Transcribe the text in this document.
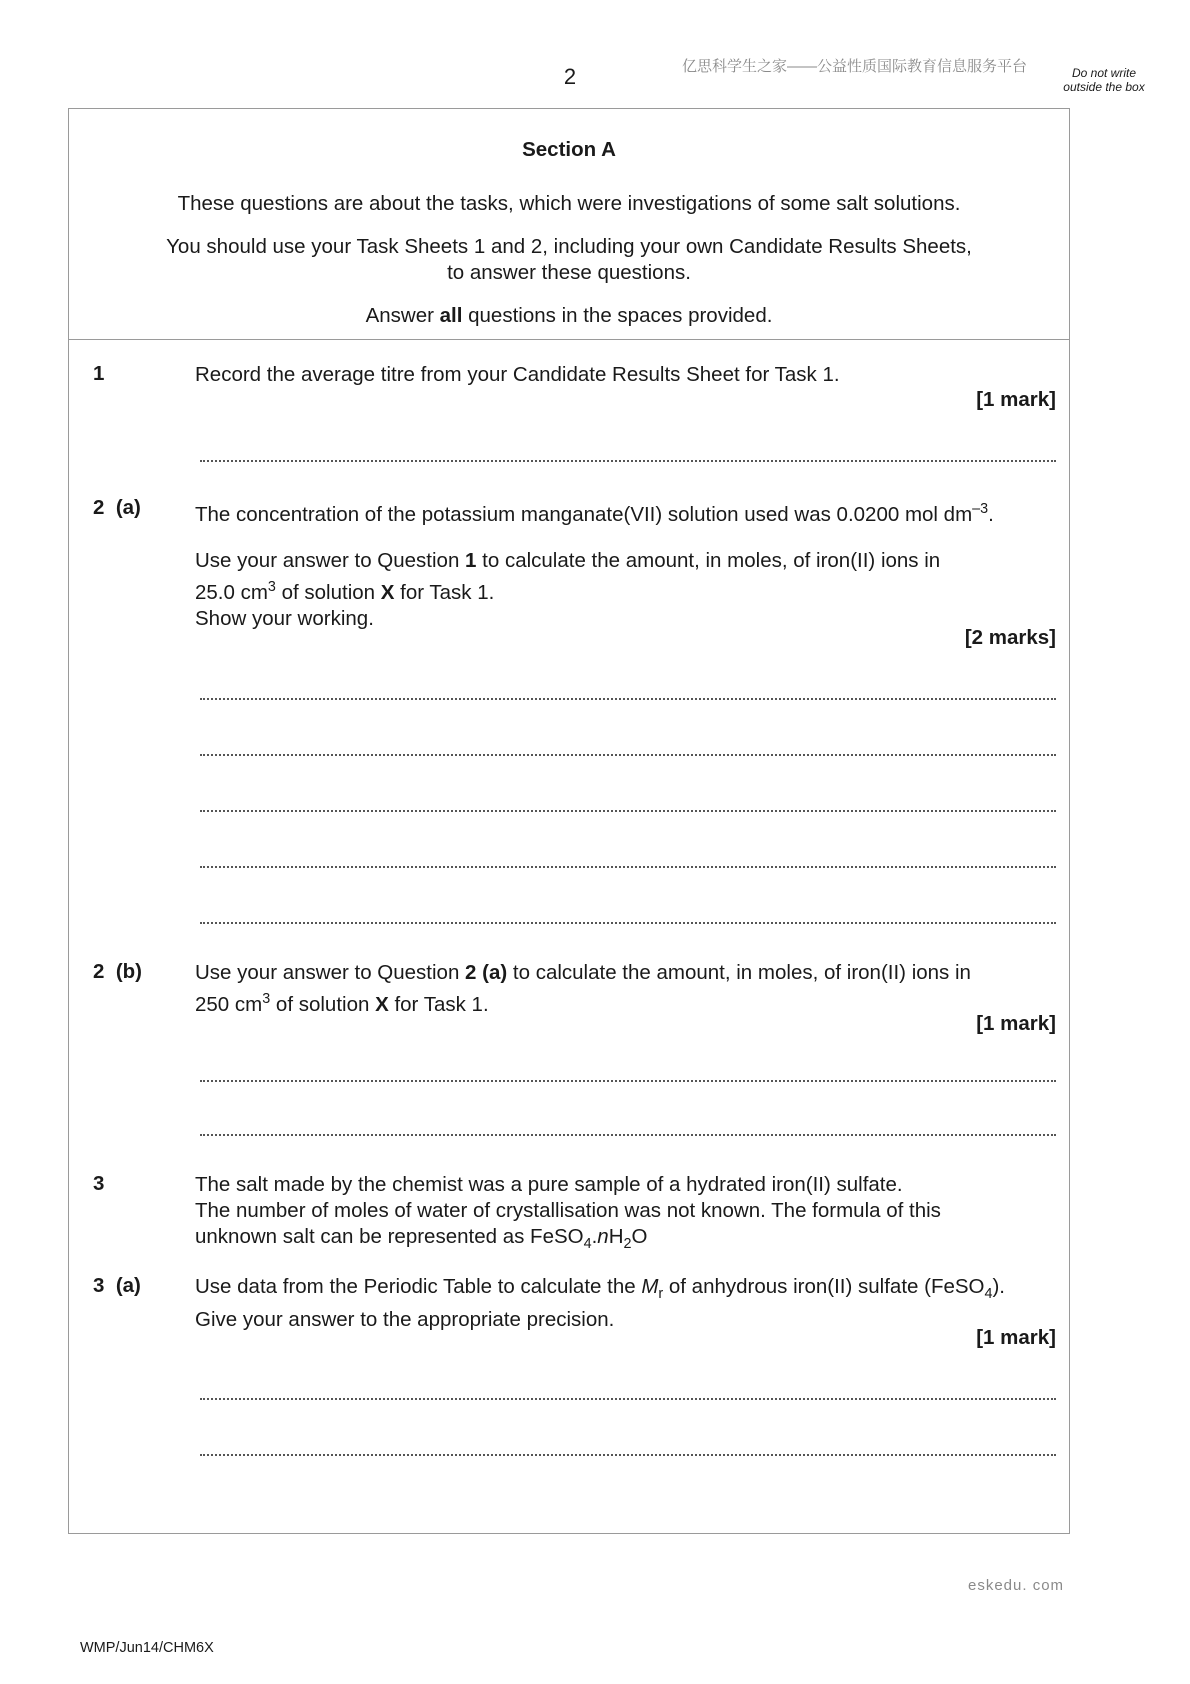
2	亿思科学生之家——公益性质国际教育信息服务平台	Do not write outside the box
Section A
These questions are about the tasks, which were investigations of some salt solutions.
You should use your Task Sheets 1 and 2, including your own Candidate Results Sheets,
to answer these questions.
Answer all questions in the spaces provided.
1	Record the average titre from your Candidate Results Sheet for Task 1.
[1 mark]
2 (a)	The concentration of the potassium manganate(VII) solution used was 0.0200 mol $dm^{-3}$.
Use your answer to Question 1 to calculate the amount, in moles, of iron(II) ions in
25.0 $cm^3$ of solution X for Task 1.
Show your working.
[2 marks]
2 (b)	Use your answer to Question 2 (a) to calculate the amount, in moles, of iron(II) ions in
250 $cm^3$ of solution X for Task 1.
[1 mark]
3	The salt made by the chemist was a pure sample of a hydrated iron(II) sulfate.
The number of moles of water of crystallisation was not known. The formula of this
unknown salt can be represented as $FeSO_4.nH_2O$
3 (a)	Use data from the Periodic Table to calculate the $M_r$ of anhydrous iron(II) sulfate (FeSO$_4$).
Give your answer to the appropriate precision.
[1 mark]
eskedu. com
WMP/Jun14/CHM6X
